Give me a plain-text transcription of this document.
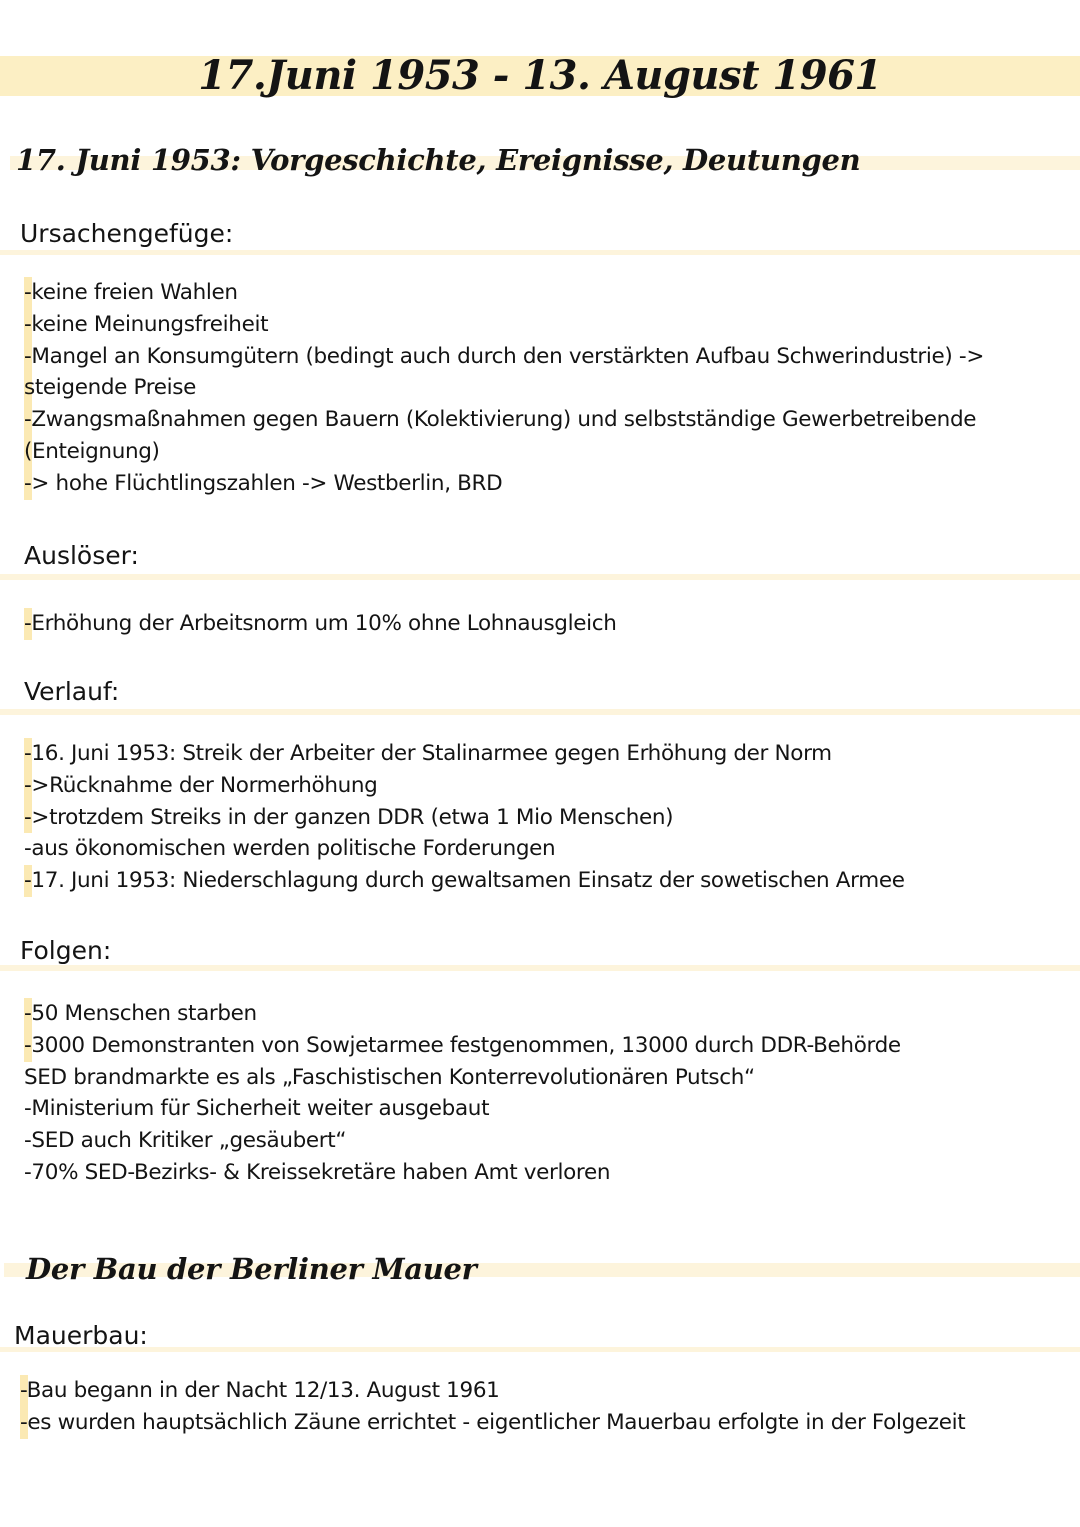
17.Juni 1953 - 13. August 1961
17. Juni 1953: Vorgeschichte, Ereignisse, Deutungen
Ursachengefüge:
-keine freien Wahlen
-keine Meinungsfreiheit
-Mangel an Konsumgütern (bedingt auch durch den verstärkten Aufbau Schwerindustrie) -> steigende Preise
-Zwangsmaßnahmen gegen Bauern (Kolektivierung) und selbstständige Gewerbetreibende (Enteignung)
-> hohe Flüchtlingszahlen -> Westberlin, BRD
Auslöser:
-Erhöhung der Arbeitsnorm um 10% ohne Lohnausgleich
Verlauf:
-16. Juni 1953: Streik der Arbeiter der Stalinarmee gegen Erhöhung der Norm
->Rücknahme der Normerhöhung
->trotzdem Streiks in der ganzen DDR (etwa 1 Mio Menschen)
-aus ökonomischen werden politische Forderungen
-17. Juni 1953: Niederschlagung durch gewaltsamen Einsatz der sowetischen Armee
Folgen:
-50 Menschen starben
-3000 Demonstranten von Sowjetarmee festgenommen, 13000 durch DDR-Behörde
SED brandmarkte es als „Faschistischen Konterrevolutionären Putsch“
-Ministerium für Sicherheit weiter ausgebaut
-SED auch Kritiker „gesäubert“
-70% SED-Bezirks- & Kreissekretäre haben Amt verloren
Der Bau der Berliner Mauer
Mauerbau:
-Bau begann in der Nacht 12/13. August 1961
-es wurden hauptsächlich Zäune errichtet - eigentlicher Mauerbau erfolgte in der Folgezeit
